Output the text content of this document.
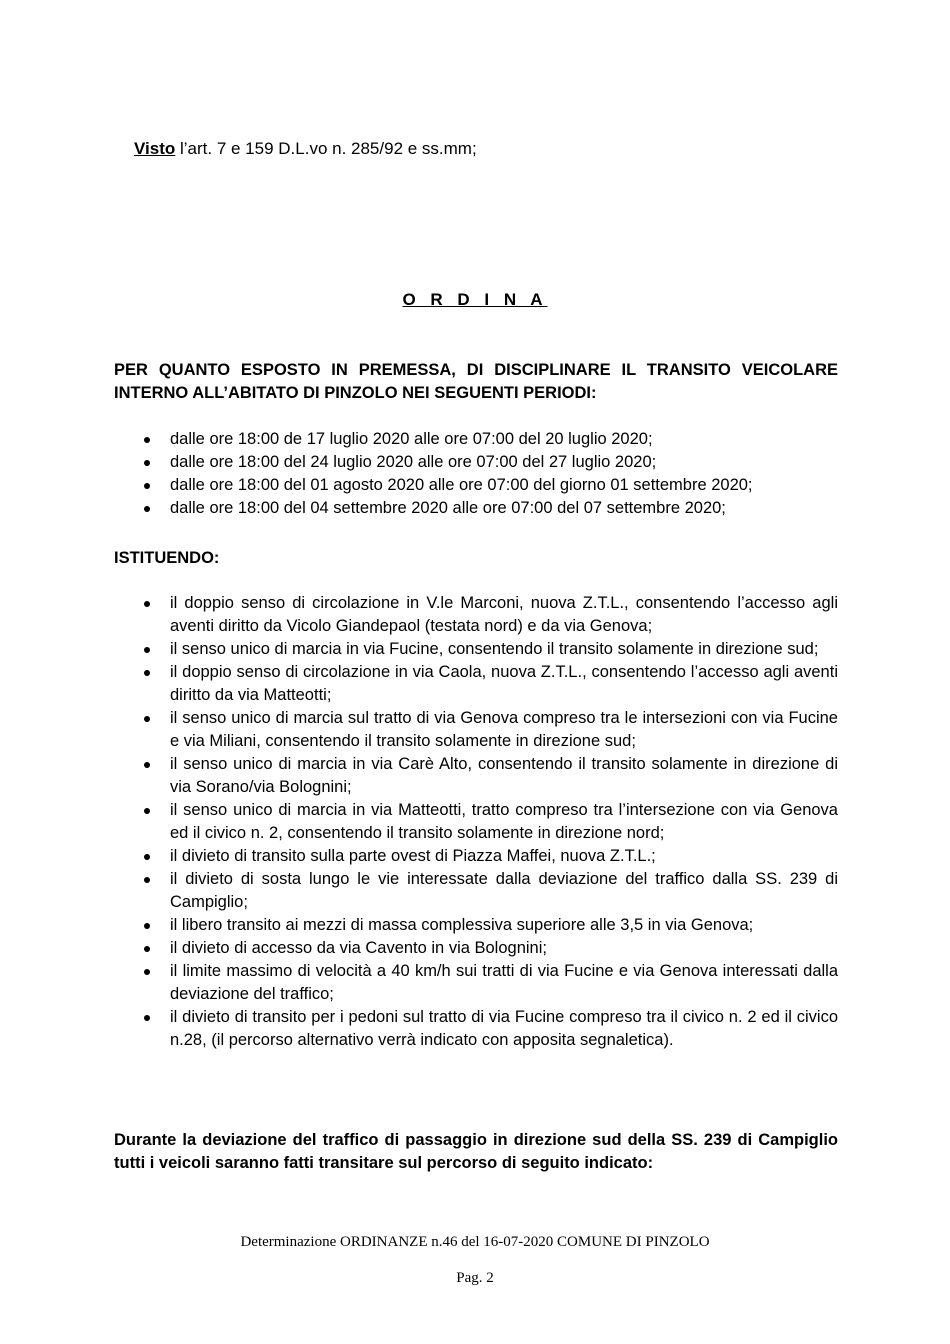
Visto l’art. 7 e 159 D.L.vo n. 285/92 e ss.mm;
O R D I N A
PER QUANTO ESPOSTO IN PREMESSA, DI DISCIPLINARE IL TRANSITO VEICOLARE INTERNO ALL’ABITATO DI PINZOLO NEI SEGUENTI PERIODI:
dalle ore 18:00 de 17 luglio 2020 alle ore 07:00 del 20 luglio 2020;
dalle ore 18:00 del 24 luglio 2020 alle ore 07:00 del 27 luglio 2020;
dalle ore 18:00 del 01 agosto 2020 alle ore 07:00 del giorno 01 settembre 2020;
dalle ore 18:00 del 04 settembre 2020 alle ore 07:00 del 07 settembre 2020;
ISTITUENDO:
il doppio senso di circolazione in V.le Marconi, nuova Z.T.L., consentendo l’accesso agli aventi diritto da Vicolo Giandepaol (testata nord) e da via Genova;
il senso unico di marcia in via Fucine, consentendo il transito solamente in direzione sud;
il doppio senso di circolazione in via Caola, nuova Z.T.L., consentendo l’accesso agli aventi diritto da via Matteotti;
il senso unico di marcia sul tratto di via Genova compreso tra le intersezioni con via Fucine e via Miliani, consentendo il transito solamente in direzione sud;
il senso unico di marcia in via Carè Alto, consentendo il transito solamente in direzione di via Sorano/via Bolognini;
il senso unico di marcia in via Matteotti, tratto compreso tra l’intersezione con via Genova ed il civico n. 2, consentendo il transito solamente in direzione nord;
il divieto di transito sulla parte ovest di Piazza Maffei, nuova Z.T.L.;
il divieto di sosta lungo le vie interessate dalla deviazione del traffico dalla SS. 239 di Campiglio;
il libero transito ai mezzi di massa complessiva superiore alle 3,5 in via Genova;
il divieto di accesso da via Cavento in via Bolognini;
il limite massimo di velocità a 40 km/h sui tratti di via Fucine e via Genova interessati dalla deviazione del traffico;
il divieto di transito per i pedoni sul tratto di via Fucine compreso tra il civico n. 2 ed il civico n.28, (il percorso alternativo verrà indicato con apposita segnaletica).
Durante la deviazione del traffico di passaggio in direzione sud della SS. 239 di Campiglio tutti i veicoli saranno fatti transitare sul percorso di seguito indicato:
Determinazione ORDINANZE n.46 del 16-07-2020 COMUNE DI PINZOLO
Pag. 2
